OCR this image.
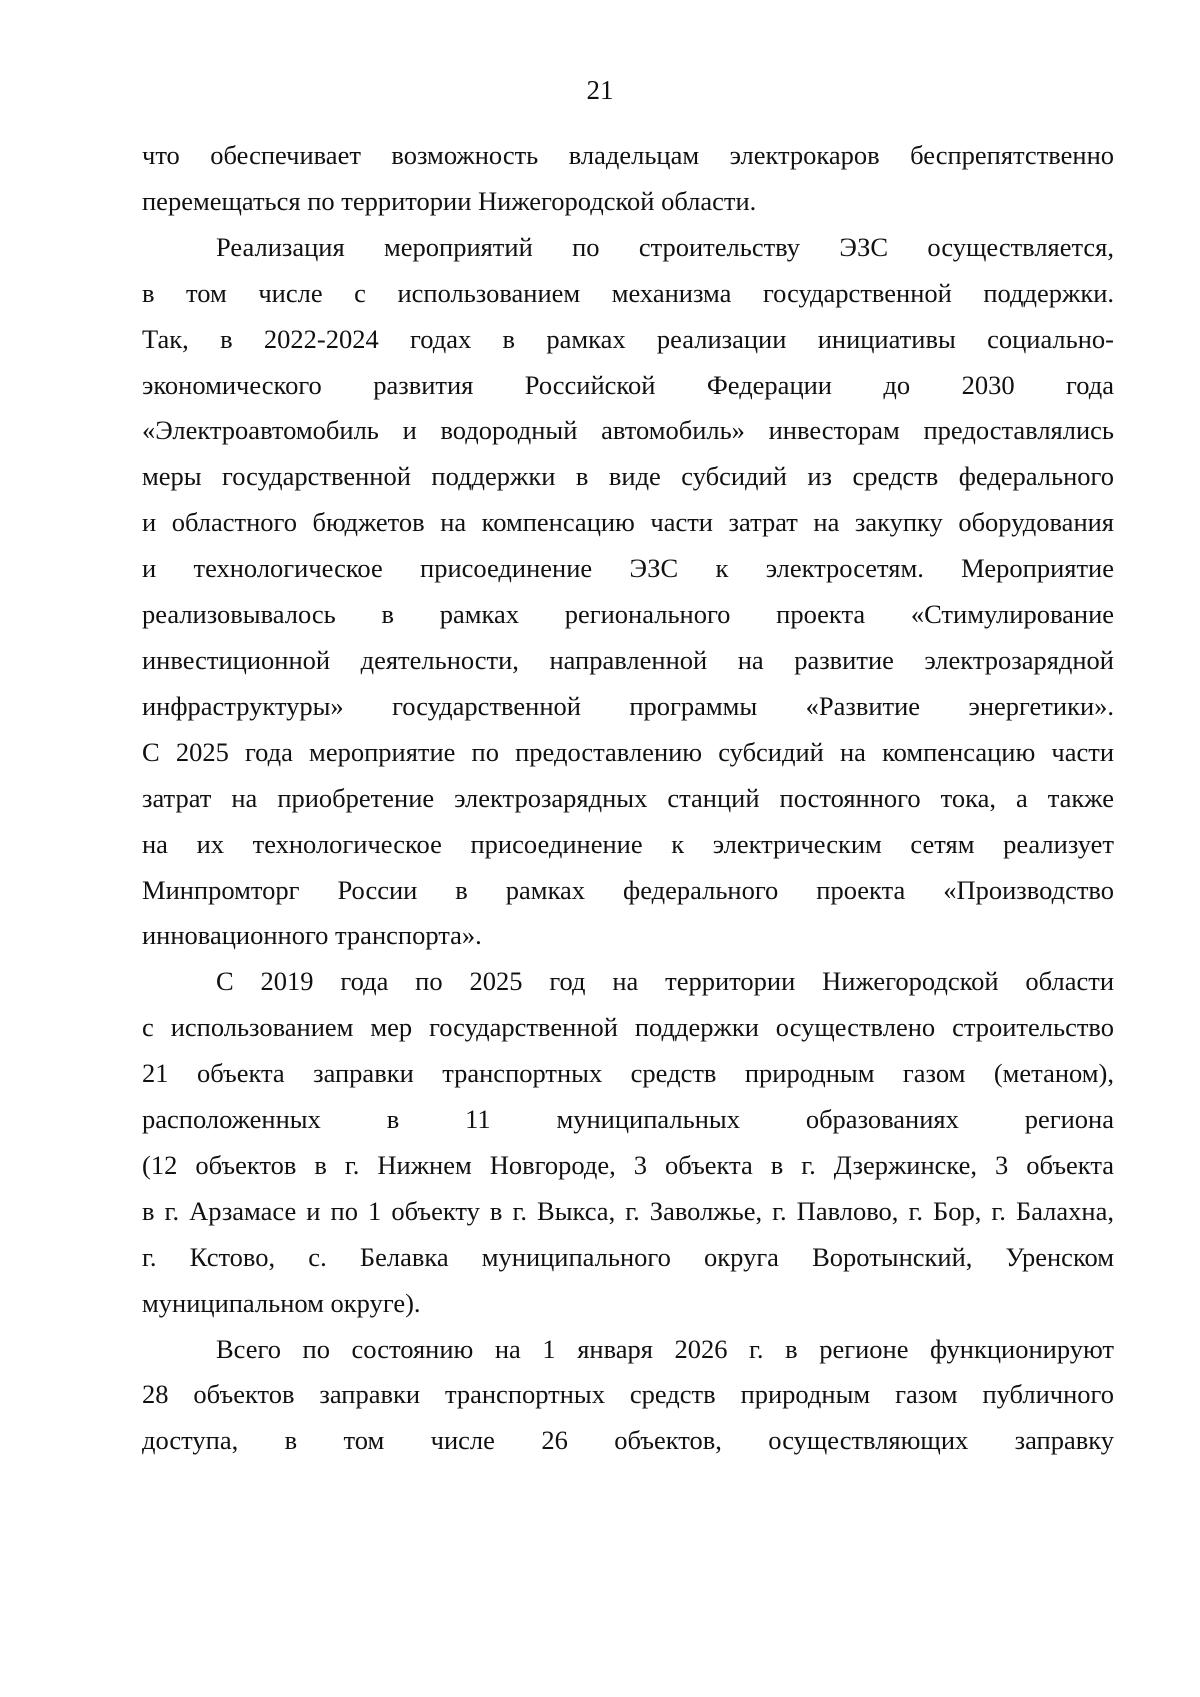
21

что обеспечивает возможность владельцам электрокаров беспрепятственно
перемещаться по территории Нижегородской области.

Реализация мероприятий по строительству ЭЗС осуществляется,
в том числе с использованием механизма государственной поддержки.
Так, в 2022-2024 годах в рамках реализации инициативы социально-
экономического развития Российской Федерации до 2030 года
«Электроавтомобиль и водородный автомобиль» инвесторам предоставлялись
меры государственной поддержки в виде субсидий из средств федерального
и областного бюджетов на компенсацию части затрат на закупку оборудования
и технологическое присоединение ЭЗС к электросетям. Мероприятие
реализовывалось в рамках регионального проекта «Стимулирование
инвестиционной деятельности, направленной на развитие электрозарядной
инфраструктуры» государственной программы «Развитие энергетики».
С 2025 года мероприятие по предоставлению субсидий на компенсацию части
затрат на приобретение электрозарядных станций постоянного тока, а также
на их технологическое присоединение к электрическим сетям реализует
Минпромторг России в рамках федерального проекта «Производство
инновационного транспорта».

С 2019 года по 2025 год на территории Нижегородской области
с использованием мер государственной поддержки осуществлено строительство
21 объекта заправки транспортных средств природным газом (метаном),
расположенных в 11 муниципальных образованиях региона
(12 объектов в г. Нижнем Новгороде, 3 объекта в г. Дзержинске, 3 объекта
в г. Арзамасе и по 1 объекту в г. Выкса, г. Заволжье, г. Павлово, г. Бор, г. Балахна,
г. Кстово, с. Белавка муниципального округа Воротынский, Уренском
муниципальном округе).

Всего по состоянию на 1 января 2026 г. в регионе функционируют
28 объектов заправки транспортных средств природным газом публичного
доступа, в том числе 26 объектов, осуществляющих заправку
